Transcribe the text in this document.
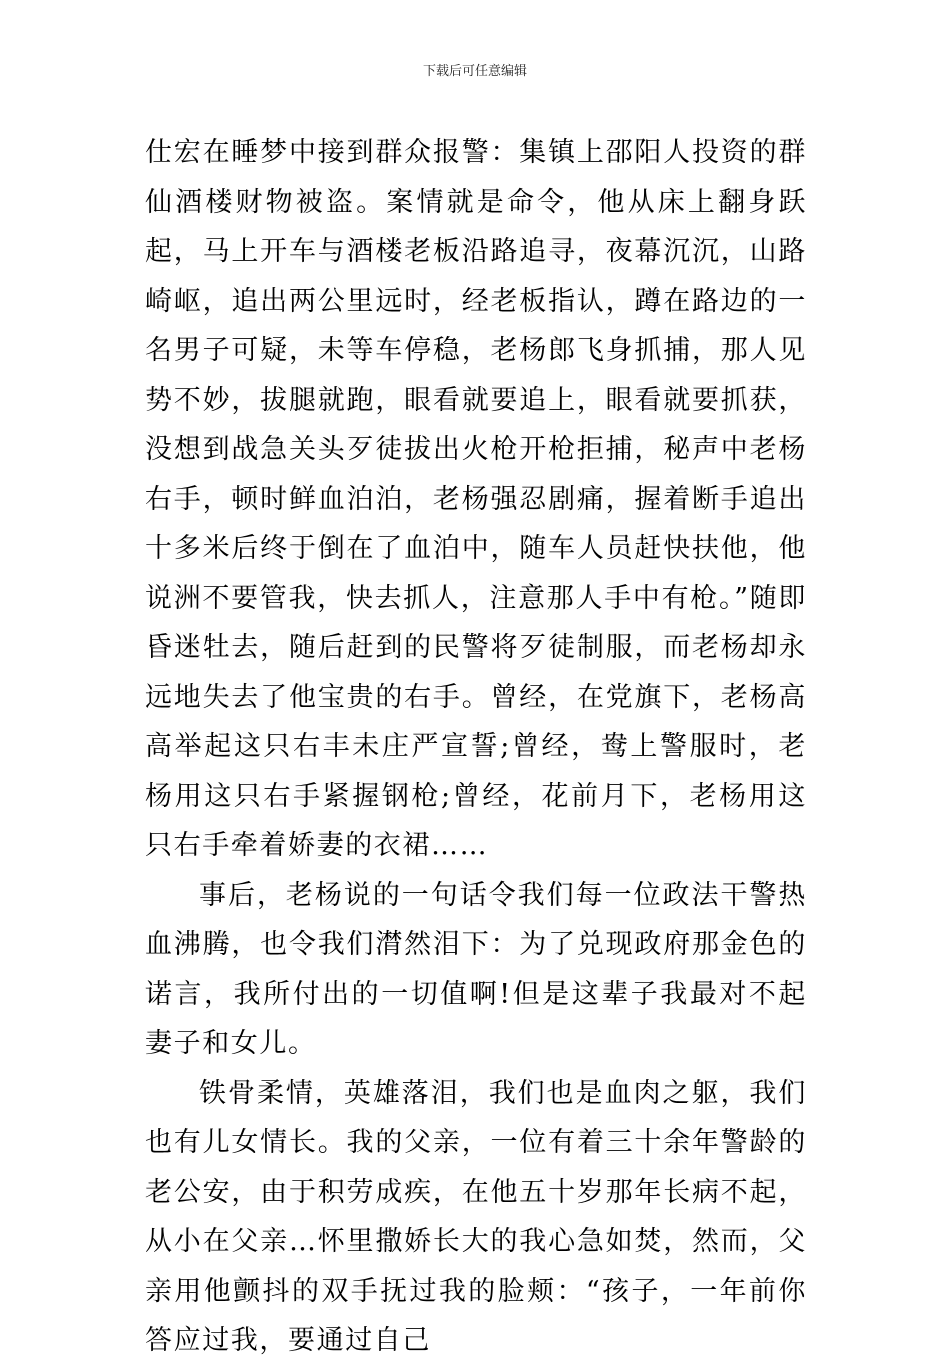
下载后可任意编辑

仕宏在睡梦中接到群众报警：集镇上邵阳人投资的群仙酒楼财物被盗。案情就是命令，他从床上翻身跃起，马上开车与酒楼老板沿路追寻，夜幕沉沉，山路崎岖，追出两公里远时，经老板指认，蹲在路边的一名男子可疑，未等车停稳，老杨郎飞身抓捕，那人见势不妙，拔腿就跑，眼看就要追上，眼看就要抓获，没想到战急关头歹徒拔出火枪开枪拒捕，秘声中老杨右手，顿时鲜血泊泊，老杨强忍剧痛，握着断手追出十多米后终于倒在了血泊中，随车人员赶快扶他，他说洲不要管我，快去抓人，注意那人手中有枪。”随即昏迷牡去，随后赶到的民警将歹徒制服，而老杨却永远地失去了他宝贵的右手。曾经，在党旗下，老杨高高举起这只右丰未庄严宣誓;曾经，鸯上警服时，老杨用这只右手紧握钢枪;曾经，花前月下，老杨用这只右手牵着娇妻的衣裙……

事后，老杨说的一句话令我们每一位政法干警热血沸腾，也令我们潸然泪下：为了兑现政府那金色的诺言，我所付出的一切值啊!但是这辈子我最对不起妻子和女儿。

铁骨柔情，英雄落泪，我们也是血肉之躯，我们也有儿女情长。我的父亲，一位有着三十余年警龄的老公安，由于积劳成疾，在他五十岁那年长病不起，从小在父亲…怀里撒娇长大的我心急如焚，然而，父亲用他颤抖的双手抚过我的脸颊：“孩子，一年前你答应过我，要通过自己
